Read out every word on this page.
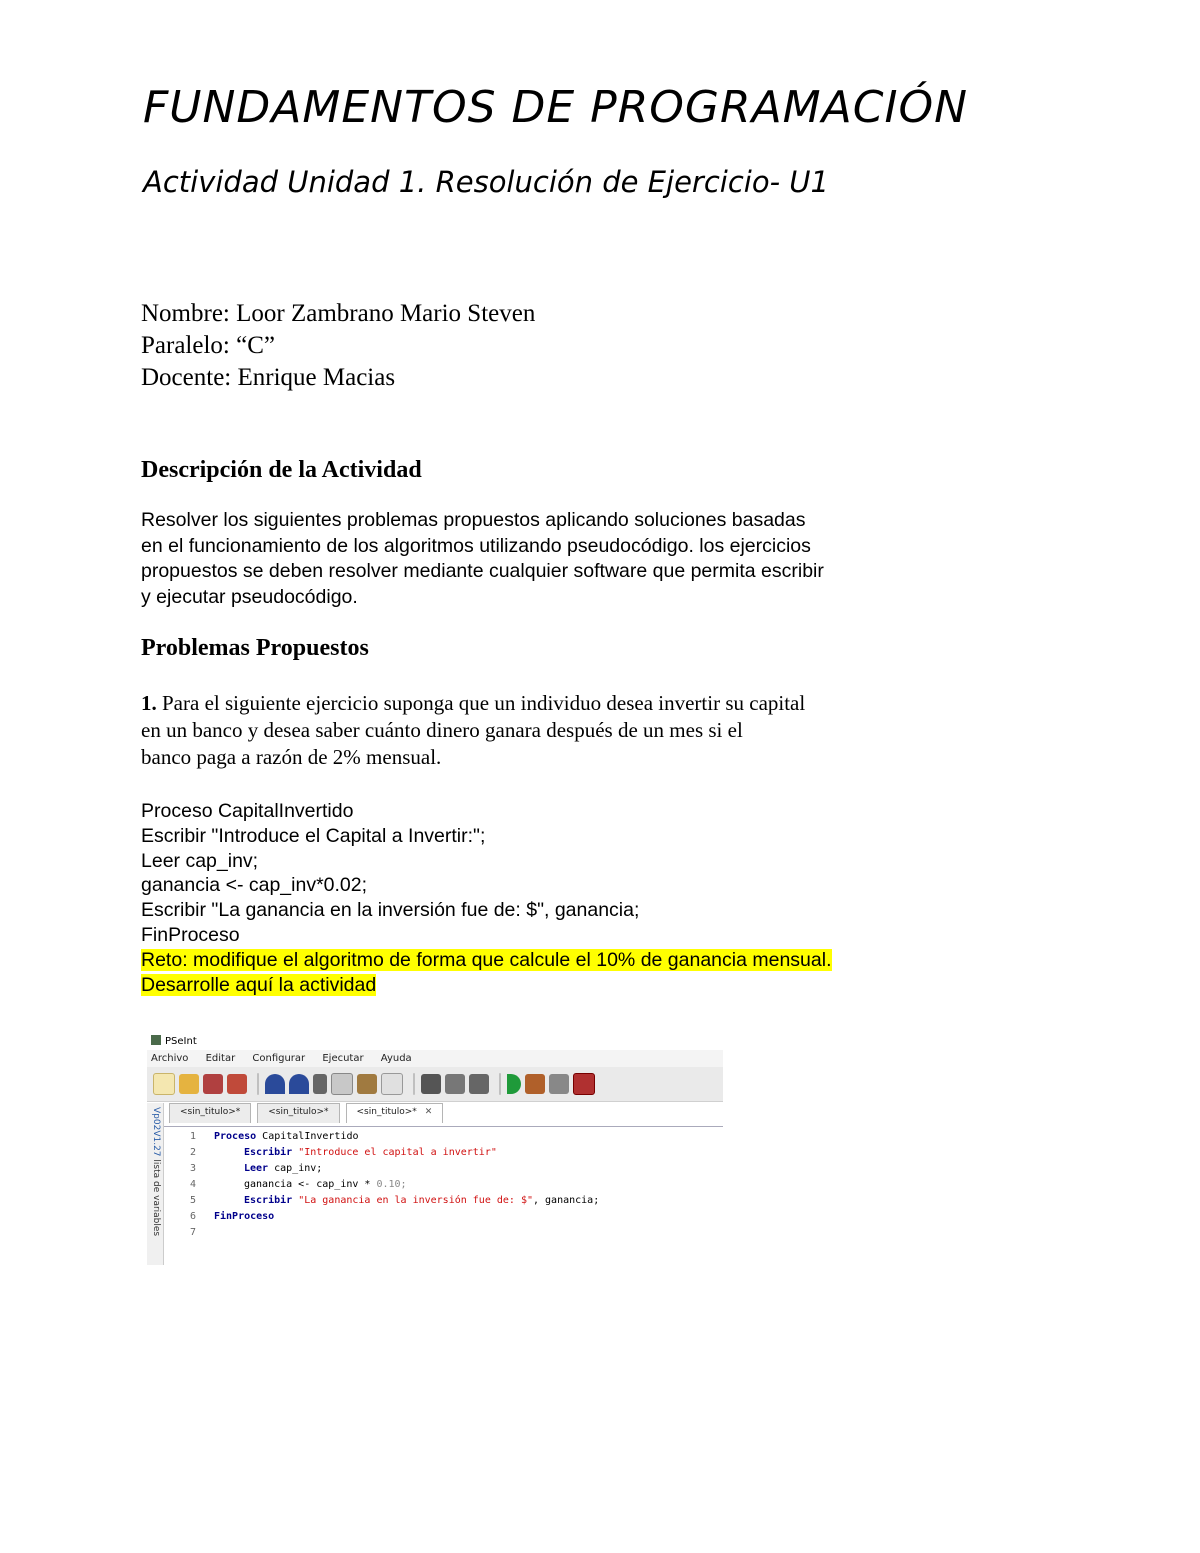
FUNDAMENTOS DE PROGRAMACIÓN
Actividad Unidad 1. Resolución de Ejercicio- U1
Nombre: Loor Zambrano Mario Steven
Paralelo: “C”
Docente: Enrique Macias
Descripción de la Actividad
Resolver los siguientes problemas propuestos aplicando soluciones basadas
en el funcionamiento de los algoritmos utilizando pseudocódigo. los ejercicios
propuestos se deben resolver mediante cualquier software que permita escribir
y ejecutar pseudocódigo.
Problemas Propuestos
1. Para el siguiente ejercicio suponga que un individuo desea invertir su capital
en un banco y desea saber cuánto dinero ganara después de un mes si el
banco paga a razón de 2% mensual.
Proceso CapitalInvertido
Escribir "Introduce el Capital a Invertir:";
Leer cap_inv;
ganancia <- cap_inv*0.02;
Escribir "La ganancia en la inversión fue de: $", ganancia;
FinProceso
Reto: modifique el algoritmo de forma que calcule el 10% de ganancia mensual.
Desarrolle aquí la actividad
PSeInt
Archivo Editar Configurar Ejecutar Ayuda
Vp02V1.27 lista de variables
<sin_titulo>*	<sin_titulo>*	<sin_titulo>* ✕
1
2
3
4
5
6
7
Proceso CapitalInvertido
Escribir "Introduce el capital a invertir"
Leer cap_inv;
ganancia <- cap_inv * 0.10;
Escribir "La ganancia en la inversión fue de: $", ganancia;
FinProceso
